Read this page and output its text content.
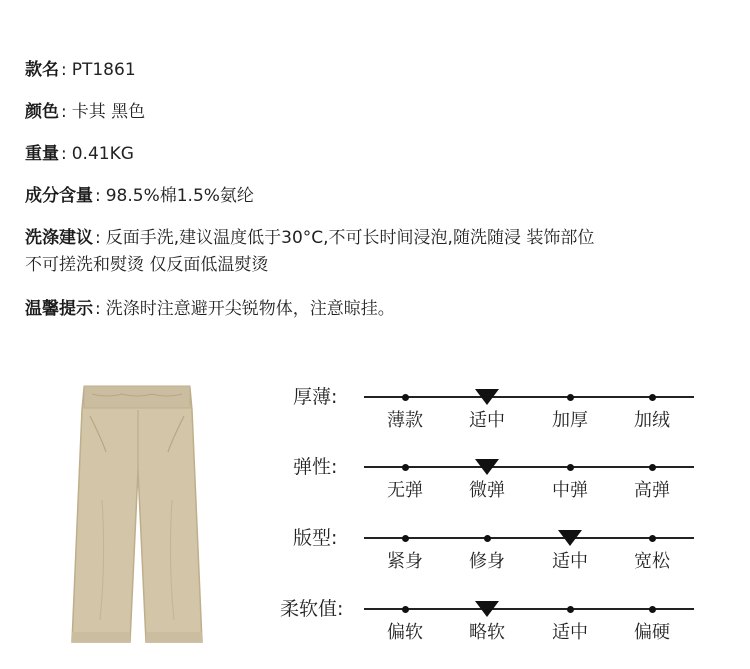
款名 : PT1861
颜色 : 卡其 黑色
重量 : 0.41KG
成分含量 : 98.5%棉1.5%氨纶
洗涤建议 : 反面手洗,建议温度低于30°C,不可长时间浸泡,随洗随浸 装饰部位
不可搓洗和熨烫 仅反面低温熨烫
温馨提示 : 洗涤时注意避开尖锐物体，注意晾挂。
厚薄:
薄款	适中	加厚	加绒
弹性:
无弹	微弹	中弹	高弹
版型:
紧身	修身	适中	宽松
柔软值:
偏软	略软	适中	偏硬
